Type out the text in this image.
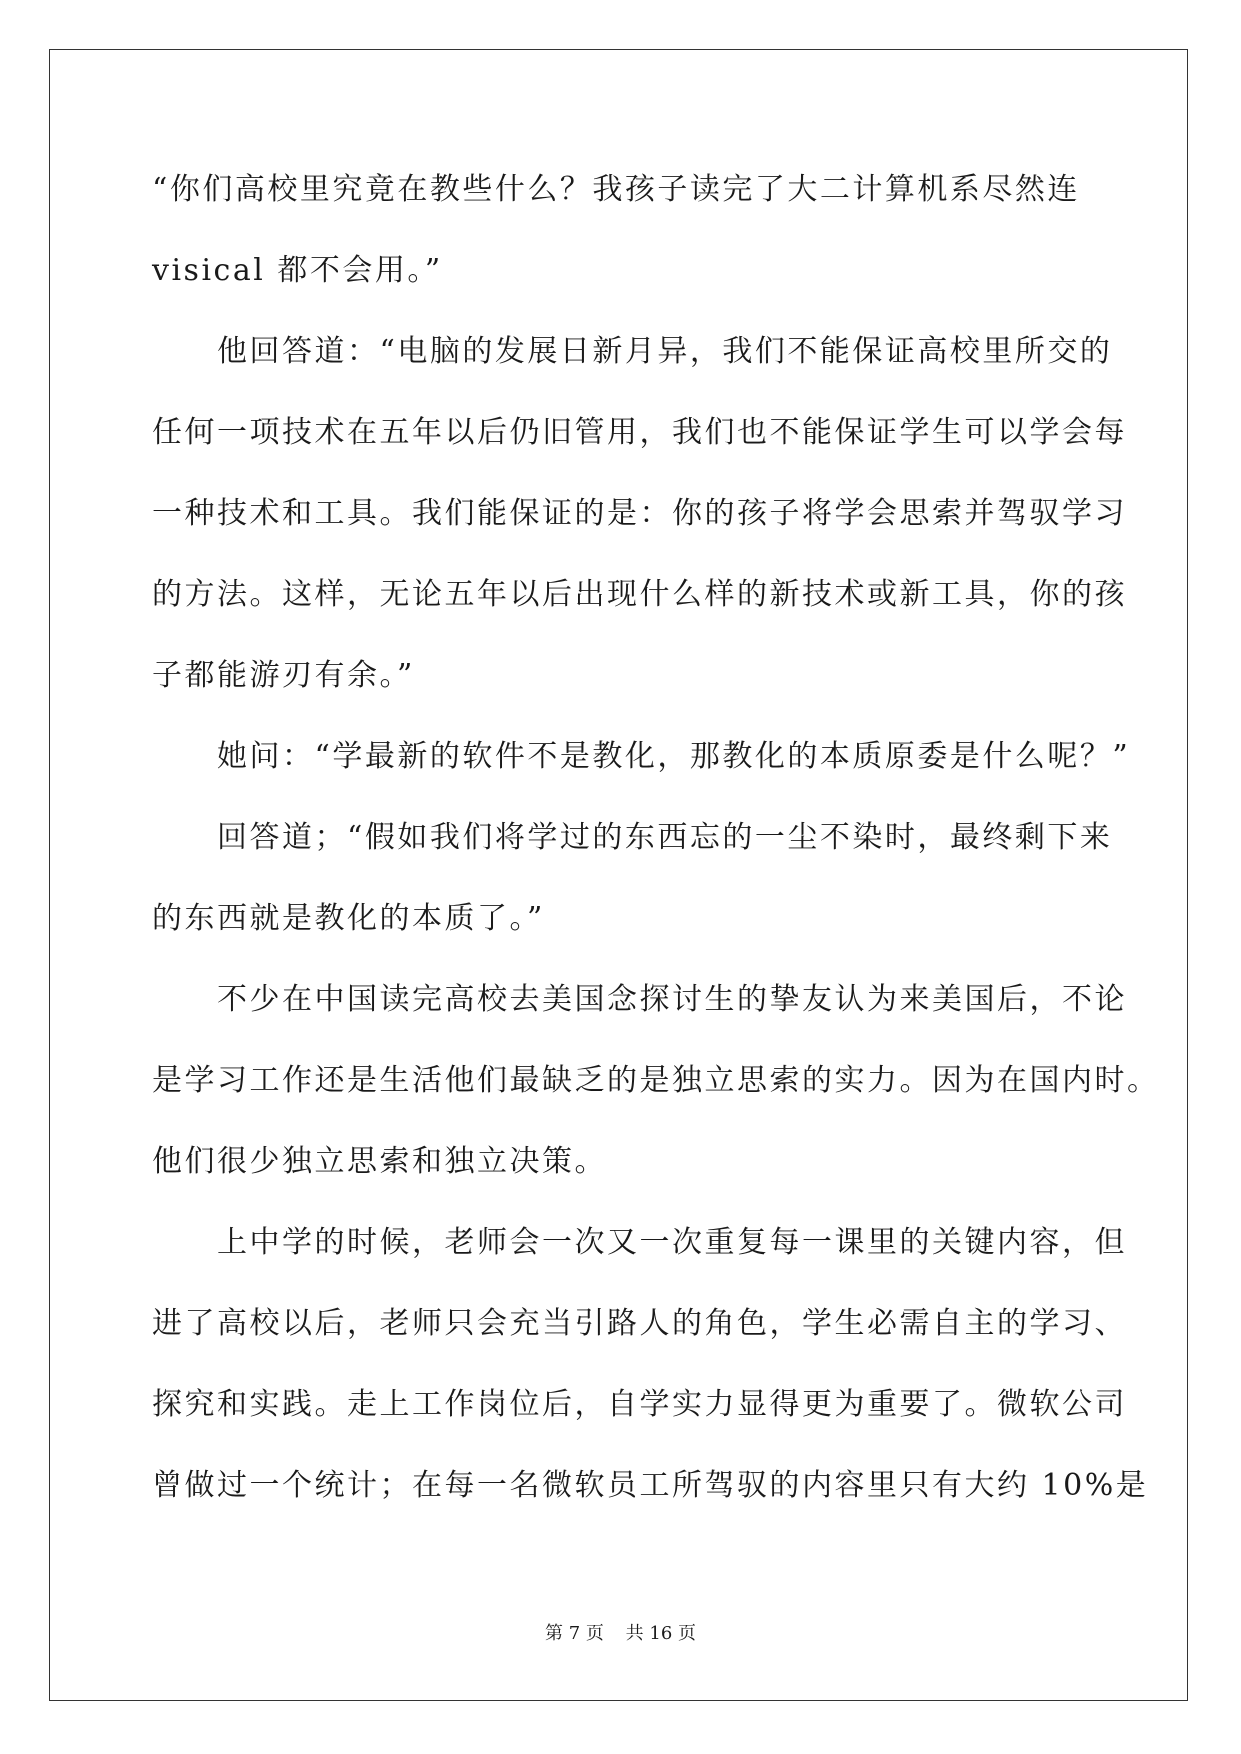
“你们高校里究竟在教些什么？我孩子读完了大二计算机系尽然连
visical 都不会用。”
　　他回答道：“电脑的发展日新月异，我们不能保证高校里所交的
任何一项技术在五年以后仍旧管用，我们也不能保证学生可以学会每
一种技术和工具。我们能保证的是：你的孩子将学会思索并驾驭学习
的方法。这样，无论五年以后出现什么样的新技术或新工具，你的孩
子都能游刃有余。”
　　她问：“学最新的软件不是教化，那教化的本质原委是什么呢？”
　　回答道；“假如我们将学过的东西忘的一尘不染时，最终剩下来
的东西就是教化的本质了。”
　　不少在中国读完高校去美国念探讨生的挚友认为来美国后，不论
是学习工作还是生活他们最缺乏的是独立思索的实力。因为在国内时。
他们很少独立思索和独立决策。
　　上中学的时候，老师会一次又一次重复每一课里的关键内容，但
进了高校以后，老师只会充当引路人的角色，学生必需自主的学习、
探究和实践。走上工作岗位后，自学实力显得更为重要了。微软公司
曾做过一个统计；在每一名微软员工所驾驭的内容里只有大约 10%是
第 7 页 共 16 页
